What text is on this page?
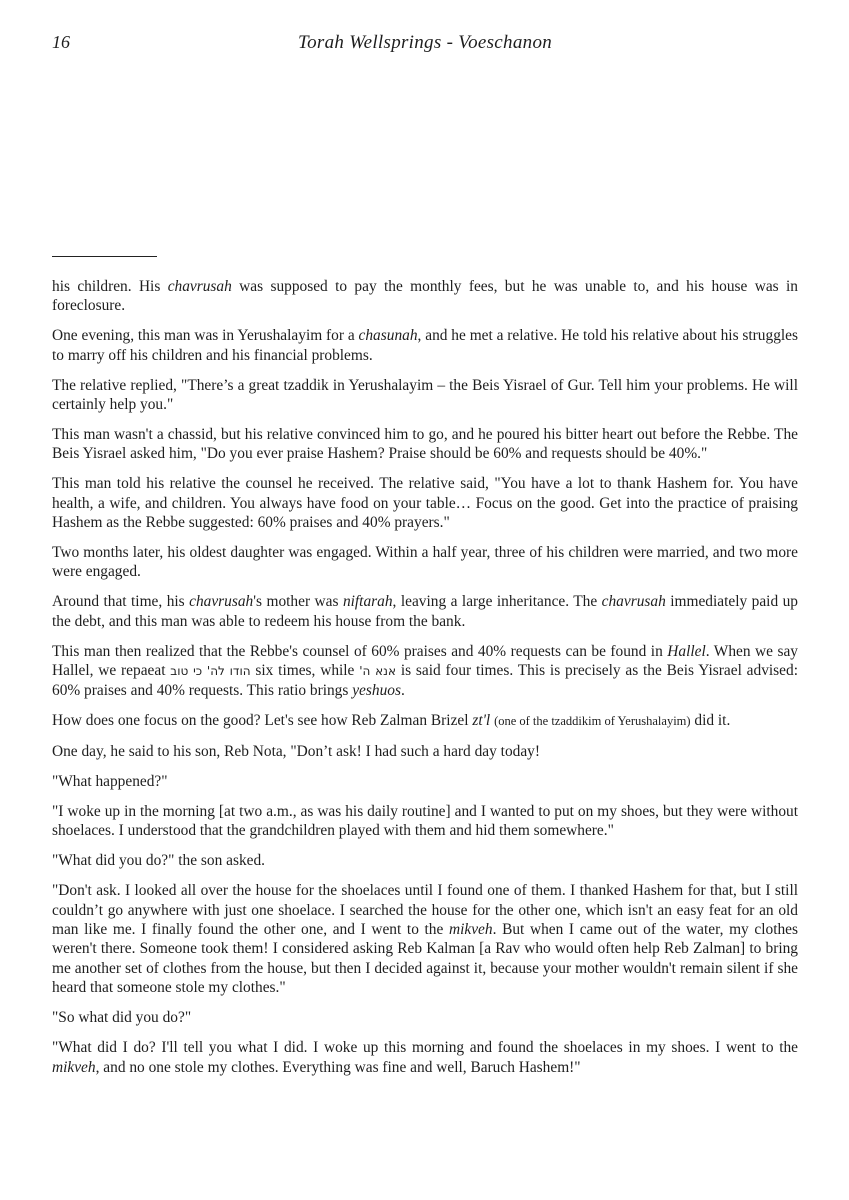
16	Torah Wellsprings - Voeschanon

his children. His chavrusah was supposed to pay the monthly fees, but he was unable to, and his house was in foreclosure.

One evening, this man was in Yerushalayim for a chasunah, and he met a relative. He told his relative about his struggles to marry off his children and his financial problems.

The relative replied, "There’s a great tzaddik in Yerushalayim – the Beis Yisrael of Gur. Tell him your problems. He will certainly help you."

This man wasn't a chassid, but his relative convinced him to go, and he poured his bitter heart out before the Rebbe. The Beis Yisrael asked him, "Do you ever praise Hashem? Praise should be 60% and requests should be 40%."

This man told his relative the counsel he received. The relative said, "You have a lot to thank Hashem for. You have health, a wife, and children. You always have food on your table… Focus on the good. Get into the practice of praising Hashem as the Rebbe suggested: 60% praises and 40% prayers."

Two months later, his oldest daughter was engaged. Within a half year, three of his children were married, and two more were engaged.

Around that time, his chavrusah's mother was niftarah, leaving a large inheritance. The chavrusah immediately paid up the debt, and this man was able to redeem his house from the bank.

This man then realized that the Rebbe's counsel of 60% praises and 40% requests can be found in Hallel. When we say Hallel, we repaeat הודו לה' כי טוב six times, while אנא ה' is said four times. This is precisely as the Beis Yisrael advised: 60% praises and 40% requests. This ratio brings yeshuos.

How does one focus on the good? Let's see how Reb Zalman Brizel zt'l (one of the tzaddikim of Yerushalayim) did it.

One day, he said to his son, Reb Nota, "Don’t ask! I had such a hard day today!

"What happened?"

"I woke up in the morning [at two a.m., as was his daily routine] and I wanted to put on my shoes, but they were without shoelaces. I understood that the grandchildren played with them and hid them somewhere."

"What did you do?" the son asked.

"Don't ask. I looked all over the house for the shoelaces until I found one of them. I thanked Hashem for that, but I still couldn’t go anywhere with just one shoelace. I searched the house for the other one, which isn't an easy feat for an old man like me. I finally found the other one, and I went to the mikveh. But when I came out of the water, my clothes weren't there. Someone took them! I considered asking Reb Kalman [a Rav who would often help Reb Zalman] to bring me another set of clothes from the house, but then I decided against it, because your mother wouldn't remain silent if she heard that someone stole my clothes."

"So what did you do?"

"What did I do? I'll tell you what I did. I woke up this morning and found the shoelaces in my shoes. I went to the mikveh, and no one stole my clothes. Everything was fine and well, Baruch Hashem!"
